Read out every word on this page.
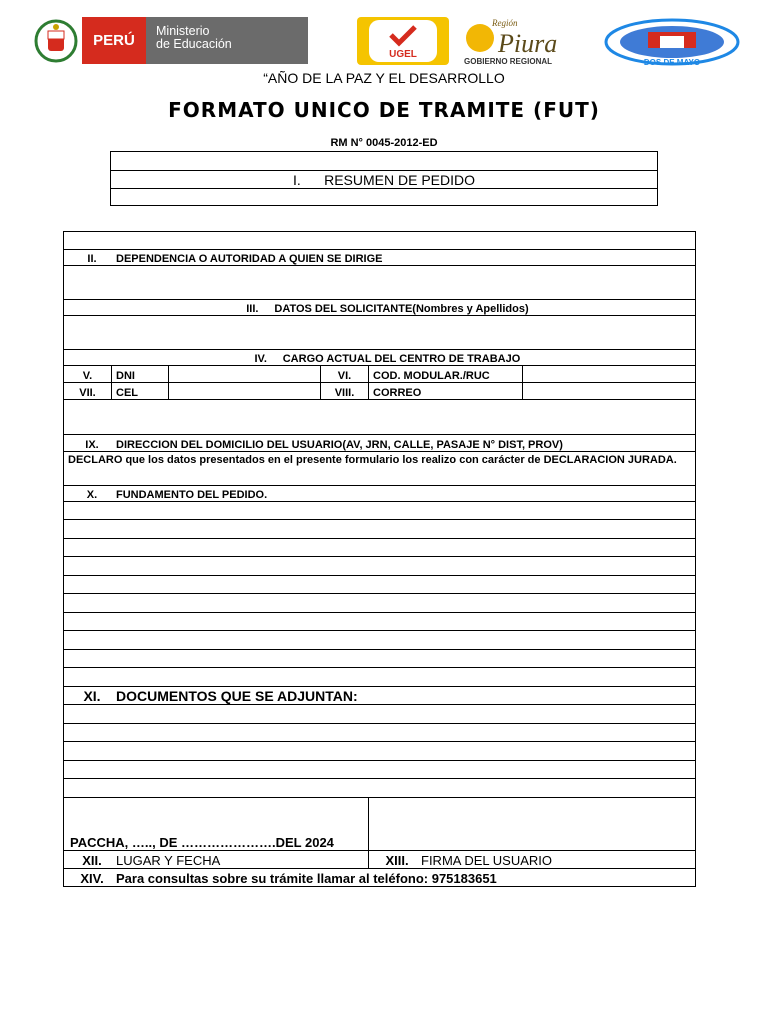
PERÚ
Ministerio
de Educación
UGEL
Región
Piura
GOBIERNO REGIONAL	DOS DE MAYO
“AÑO DE LA PAZ Y EL DESARROLLO
FORMATO UNICO DE TRAMITE (FUT)
RM N° 0045-2012-ED

I. RESUMEN DE PEDIDO

II. DEPENDENCIA O AUTORIDAD A QUIEN SE DIRIGE					

III. DATOS DEL SOLICITANTE(Nombres y Apellidos)					

IV. CARGO ACTUAL DEL CENTRO DE TRABAJO					
V.	DNI		VI.	COD. MODULAR./RUC	
VII.	CEL		VIII.	CORREO	

IX. DIRECCION DEL DOMICILIO DEL USUARIO(AV, JRN, CALLE, PASAJE N° DIST, PROV)					
DECLARO que los datos presentados en el presente formulario los realizo con carácter de DECLARACION JURADA.					
X. FUNDAMENTO DEL PEDIDO.					

XI. DOCUMENTOS QUE SE ADJUNTAN:					

PACCHA, ….., DE ………………….DEL 2024					
XII. LUGAR Y FECHA				XIII. FIRMA DEL USUARIO	
XIV. Para consultas sobre su trámite llamar al teléfono: 975183651					
